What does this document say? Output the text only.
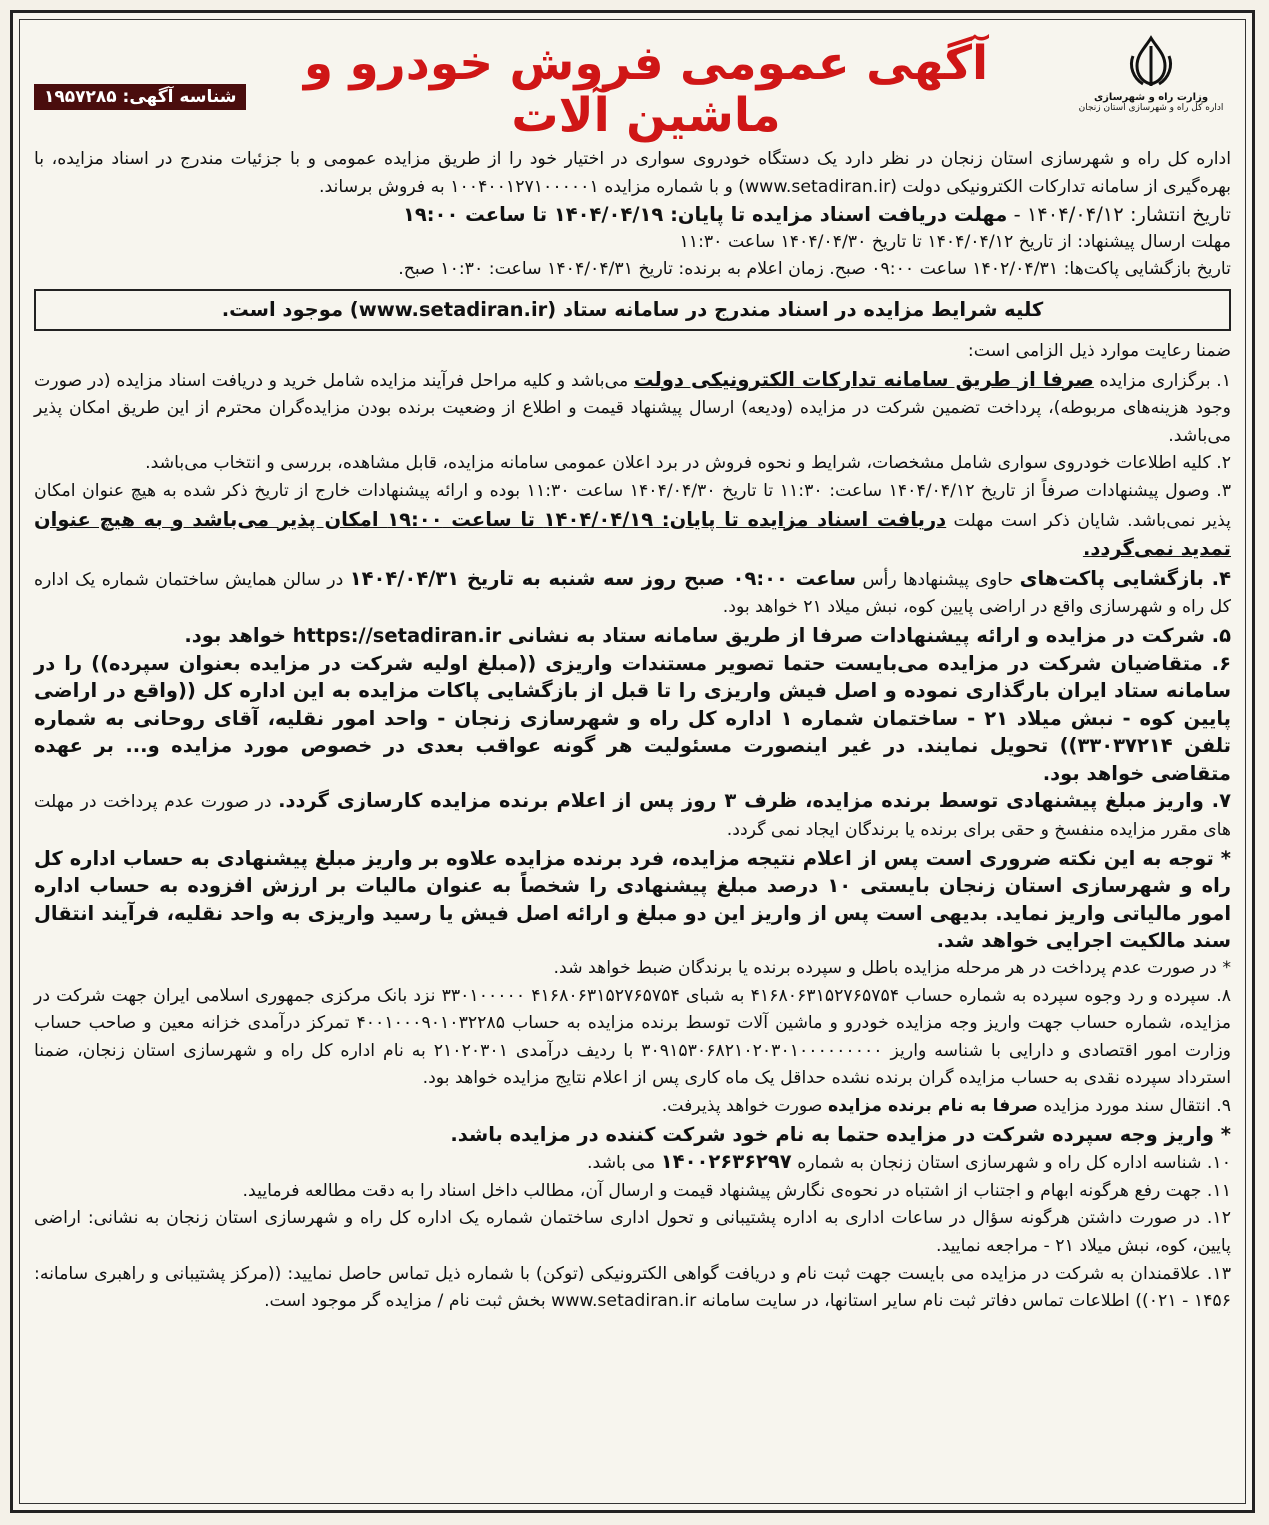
وزارت راه و شهرسازی
اداره کل راه و شهرسازی استان زنجان
آگهی عمومی فروش خودرو و ماشین آلات
شناسه آگهی: ۱۹۵۷۲۸۵

اداره کل راه و شهرسازی استان زنجان در نظر دارد یک دستگاه خودروی سواری در اختیار خود را از طریق مزایده عمومی و با جزئیات مندرج در اسناد مزایده، با بهره‌گیری از سامانه تدارکات الکترونیکی دولت (www.setadiran.ir) و با شماره مزایده ۱۰۰۴۰۰۱۲۷۱۰۰۰۰۰۱ به فروش برساند.

تاریخ انتشار: ۱۴۰۴/۰۴/۱۲ - مهلت دریافت اسناد مزایده تا پایان: ۱۴۰۴/۰۴/۱۹ تا ساعت ۱۹:۰۰

مهلت ارسال پیشنهاد: از تاریخ ۱۴۰۴/۰۴/۱۲ تا تاریخ ۱۴۰۴/۰۴/۳۰ ساعت ۱۱:۳۰

تاریخ بازگشایی پاکت‌ها: ۱۴۰۲/۰۴/۳۱ ساعت ۰۹:۰۰ صبح. زمان اعلام به برنده: تاریخ ۱۴۰۴/۰۴/۳۱ ساعت: ۱۰:۳۰ صبح.

کلیه شرایط مزایده در اسناد مندرج در سامانه ستاد (www.setadiran.ir) موجود است.

ضمنا رعایت موارد ذیل الزامی است:

۱. برگزاری مزایده صرفا از طریق سامانه تدارکات الکترونیکی دولت می‌باشد و کلیه مراحل فرآیند مزایده شامل خرید و دریافت اسناد مزایده (در صورت وجود هزینه‌های مربوطه)، پرداخت تضمین شرکت در مزایده (ودیعه) ارسال پیشنهاد قیمت و اطلاع از وضعیت برنده بودن مزایده‌گران محترم از این طریق امکان پذیر می‌باشد.

۲. کلیه اطلاعات خودروی سواری شامل مشخصات، شرایط و نحوه فروش در برد اعلان عمومی سامانه مزایده، قابل مشاهده، بررسی و انتخاب می‌باشد.

۳. وصول پیشنهادات صرفاً از تاریخ ۱۴۰۴/۰۴/۱۲ ساعت: ۱۱:۳۰ تا تاریخ ۱۴۰۴/۰۴/۳۰ ساعت ۱۱:۳۰ بوده و ارائه پیشنهادات خارج از تاریخ ذکر شده به هیچ عنوان امکان پذیر نمی‌باشد. شایان ذکر است مهلت دریافت اسناد مزایده تا پایان: ۱۴۰۴/۰۴/۱۹ تا ساعت ۱۹:۰۰ امکان پذیر می‌باشد و به هیچ عنوان تمدید نمی‌گردد.

۴. بازگشایی پاکت‌های حاوی پیشنهادها رأس ساعت ۰۹:۰۰ صبح روز سه شنبه به تاریخ ۱۴۰۴/۰۴/۳۱ در سالن همایش ساختمان شماره یک اداره کل راه و شهرسازی واقع در اراضی پایین کوه، نبش میلاد ۲۱ خواهد بود.

۵. شرکت در مزایده و ارائه پیشنهادات صرفا از طریق سامانه ستاد به نشانی https://setadiran.ir خواهد بود.

۶. متقاضیان شرکت در مزایده می‌بایست حتما تصویر مستندات واریزی ((مبلغ اولیه شرکت در مزایده بعنوان سپرده)) را در سامانه ستاد ایران بارگذاری نموده و اصل فیش واریزی را تا قبل از بازگشایی پاکات مزایده به این اداره کل ((واقع در اراضی پایین کوه - نبش میلاد ۲۱ - ساختمان شماره ۱ اداره کل راه و شهرسازی زنجان - واحد امور نقلیه، آقای روحانی به شماره تلفن ۳۳۰۳۷۲۱۴)) تحویل نمایند. در غیر اینصورت مسئولیت هر گونه عواقب بعدی در خصوص مورد مزایده و... بر عهده متقاضی خواهد بود.

۷. واریز مبلغ پیشنهادی توسط برنده مزایده، ظرف ۳ روز پس از اعلام برنده مزایده کارسازی گردد. در صورت عدم پرداخت در مهلت های مقرر مزایده منفسخ و حقی برای برنده یا برندگان ایجاد نمی گردد.

* توجه به این نکته ضروری است پس از اعلام نتیجه مزایده، فرد برنده مزایده علاوه بر واریز مبلغ پیشنهادی به حساب اداره کل راه و شهرسازی استان زنجان بایستی ۱۰ درصد مبلغ پیشنهادی را شخصاً به عنوان مالیات بر ارزش افزوده به حساب اداره امور مالیاتی واریز نماید. بدیهی است پس از واریز این دو مبلغ و ارائه اصل فیش یا رسید واریزی به واحد نقلیه، فرآیند انتقال سند مالکیت اجرایی خواهد شد.

* در صورت عدم پرداخت در هر مرحله مزایده باطل و سپرده برنده یا برندگان ضبط خواهد شد.

۸. سپرده و رد وجوه سپرده به شماره حساب ۴۱۶۸۰۶۳۱۵۲۷۶۵۷۵۴ به شبای ۴۱۶۸۰۶۳۱۵۲۷۶۵۷۵۴ ۳۳۰۱۰۰۰۰۰ نزد بانک مرکزی جمهوری اسلامی ایران جهت شرکت در مزایده، شماره حساب جهت واریز وجه مزایده خودرو و ماشین آلات توسط برنده مزایده به حساب ۴۰۰۱۰۰۰۹۰۱۰۳۲۲۸۵ تمرکز درآمدی خزانه معین و صاحب حساب وزارت امور اقتصادی و دارایی با شناسه واریز ۳۰۹۱۵۳۰۶۸۲۱۰۲۰۳۰۱۰۰۰۰۰۰۰۰۰ با ردیف درآمدی ۲۱۰۲۰۳۰۱ به نام اداره کل راه و شهرسازی استان زنجان، ضمنا استرداد سپرده نقدی به حساب مزایده گران برنده نشده حداقل یک ماه کاری پس از اعلام نتایج مزایده خواهد بود.

۹. انتقال سند مورد مزایده صرفا به نام برنده مزایده صورت خواهد پذیرفت.

* واریز وجه سپرده شرکت در مزایده حتما به نام خود شرکت کننده در مزایده باشد.

۱۰. شناسه اداره کل راه و شهرسازی استان زنجان به شماره ۱۴۰۰۲۶۳۶۲۹۷ می باشد.

۱۱. جهت رفع هرگونه ابهام و اجتناب از اشتباه در نحوه‌ی نگارش پیشنهاد قیمت و ارسال آن، مطالب داخل اسناد را به دقت مطالعه فرمایید.

۱۲. در صورت داشتن هرگونه سؤال در ساعات اداری به اداره پشتیبانی و تحول اداری ساختمان شماره یک اداره کل راه و شهرسازی استان زنجان به نشانی: اراضی پایین، کوه، نبش میلاد ۲۱ - مراجعه نمایید.

۱۳. علاقمندان به شرکت در مزایده می بایست جهت ثبت نام و دریافت گواهی الکترونیکی (توکن) با شماره ذیل تماس حاصل نمایید: ((مرکز پشتیبانی و راهبری سامانه: ۱۴۵۶ - ۰۲۱)) اطلاعات تماس دفاتر ثبت نام سایر استانها، در سایت سامانه www.setadiran.ir بخش ثبت نام / مزایده گر موجود است.
